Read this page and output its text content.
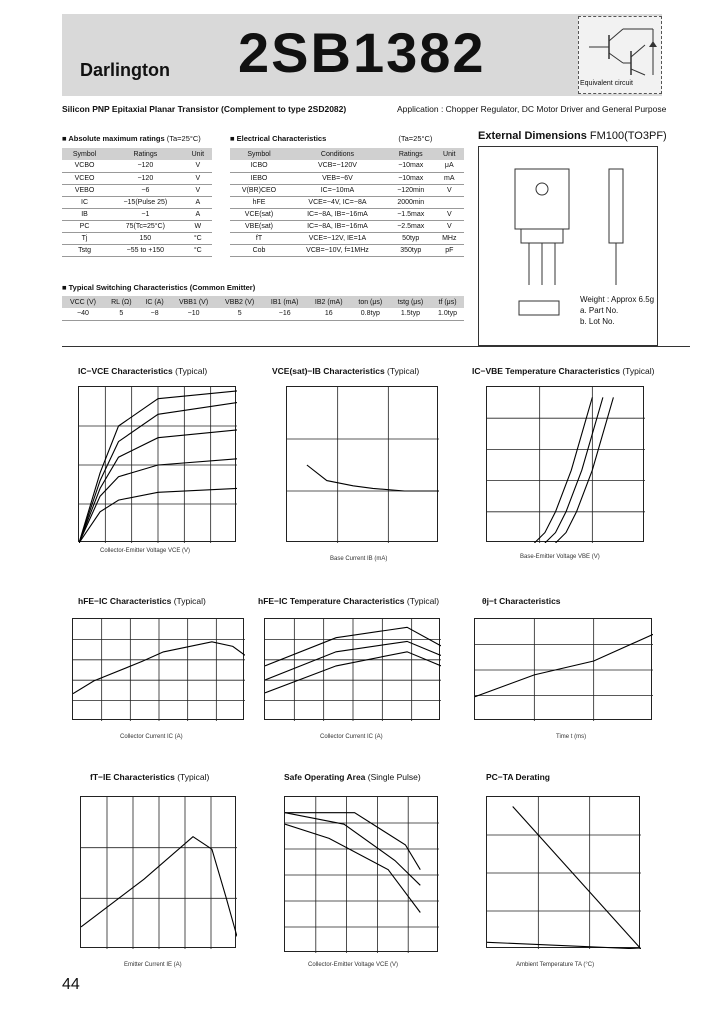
Darlington 2SB1382	Equivalent circuit
Silicon PNP Epitaxial Planar Transistor (Complement to type 2SD2082)	Application : Chopper Regulator, DC Motor Driver and General Purpose
■ Absolute maximum ratings (Ta=25°C)
Symbol	Ratings	Unit
VCBO	−120	V
VCEO	−120	V
VEBO	−6	V
IC	−15(Pulse 25)	A
IB	−1	A
PC	75(Tc=25°C)	W
Tj	150	°C
Tstg	−55 to +150	°C
■ Electrical Characteristics	(Ta=25°C)
Symbol	Conditions	Ratings	Unit
ICBO	VCB=−120V	−10max	μA
IEBO	VEB=−6V	−10max	mA
V(BR)CEO	IC=−10mA	−120min	V
hFE	VCE=−4V, IC=−8A	2000min	
VCE(sat)	IC=−8A, IB=−16mA	−1.5max	V
VBE(sat)	IC=−8A, IB=−16mA	−2.5max	V
fT	VCE=−12V, IE=1A	50typ	MHz
Cob	VCB=−10V, f=1MHz	350typ	pF
■ Typical Switching Characteristics (Common Emitter)
VCC (V)	RL (Ω)	IC (A)	VBB1 (V)	VBB2 (V)	IB1 (mA)	IB2 (mA)	ton (μs)	tstg (μs)	tf (μs)
−40	5	−8	−10	5	−16	16	0.8typ	1.5typ	1.0typ
External Dimensions FM100(TO3PF)
Weight : Approx 6.5g
a. Part No.
b. Lot No.
IC−VCE Characteristics (Typical)
Collector-Emitter Voltage VCE (V)
VCE(sat)−IB Characteristics (Typical)
Base Current IB (mA)
IC−VBE Temperature Characteristics (Typical)
Base-Emitter Voltage VBE (V)
hFE−IC Characteristics (Typical)
Collector Current IC (A)
hFE−IC Temperature Characteristics (Typical)
Collector Current IC (A)
θj−t Characteristics
Time t (ms)
fT−IE Characteristics (Typical)
Emitter Current IE (A)
Safe Operating Area (Single Pulse)
Collector-Emitter Voltage VCE (V)
PC−TA Derating
Ambient Temperature TA (°C)
44
